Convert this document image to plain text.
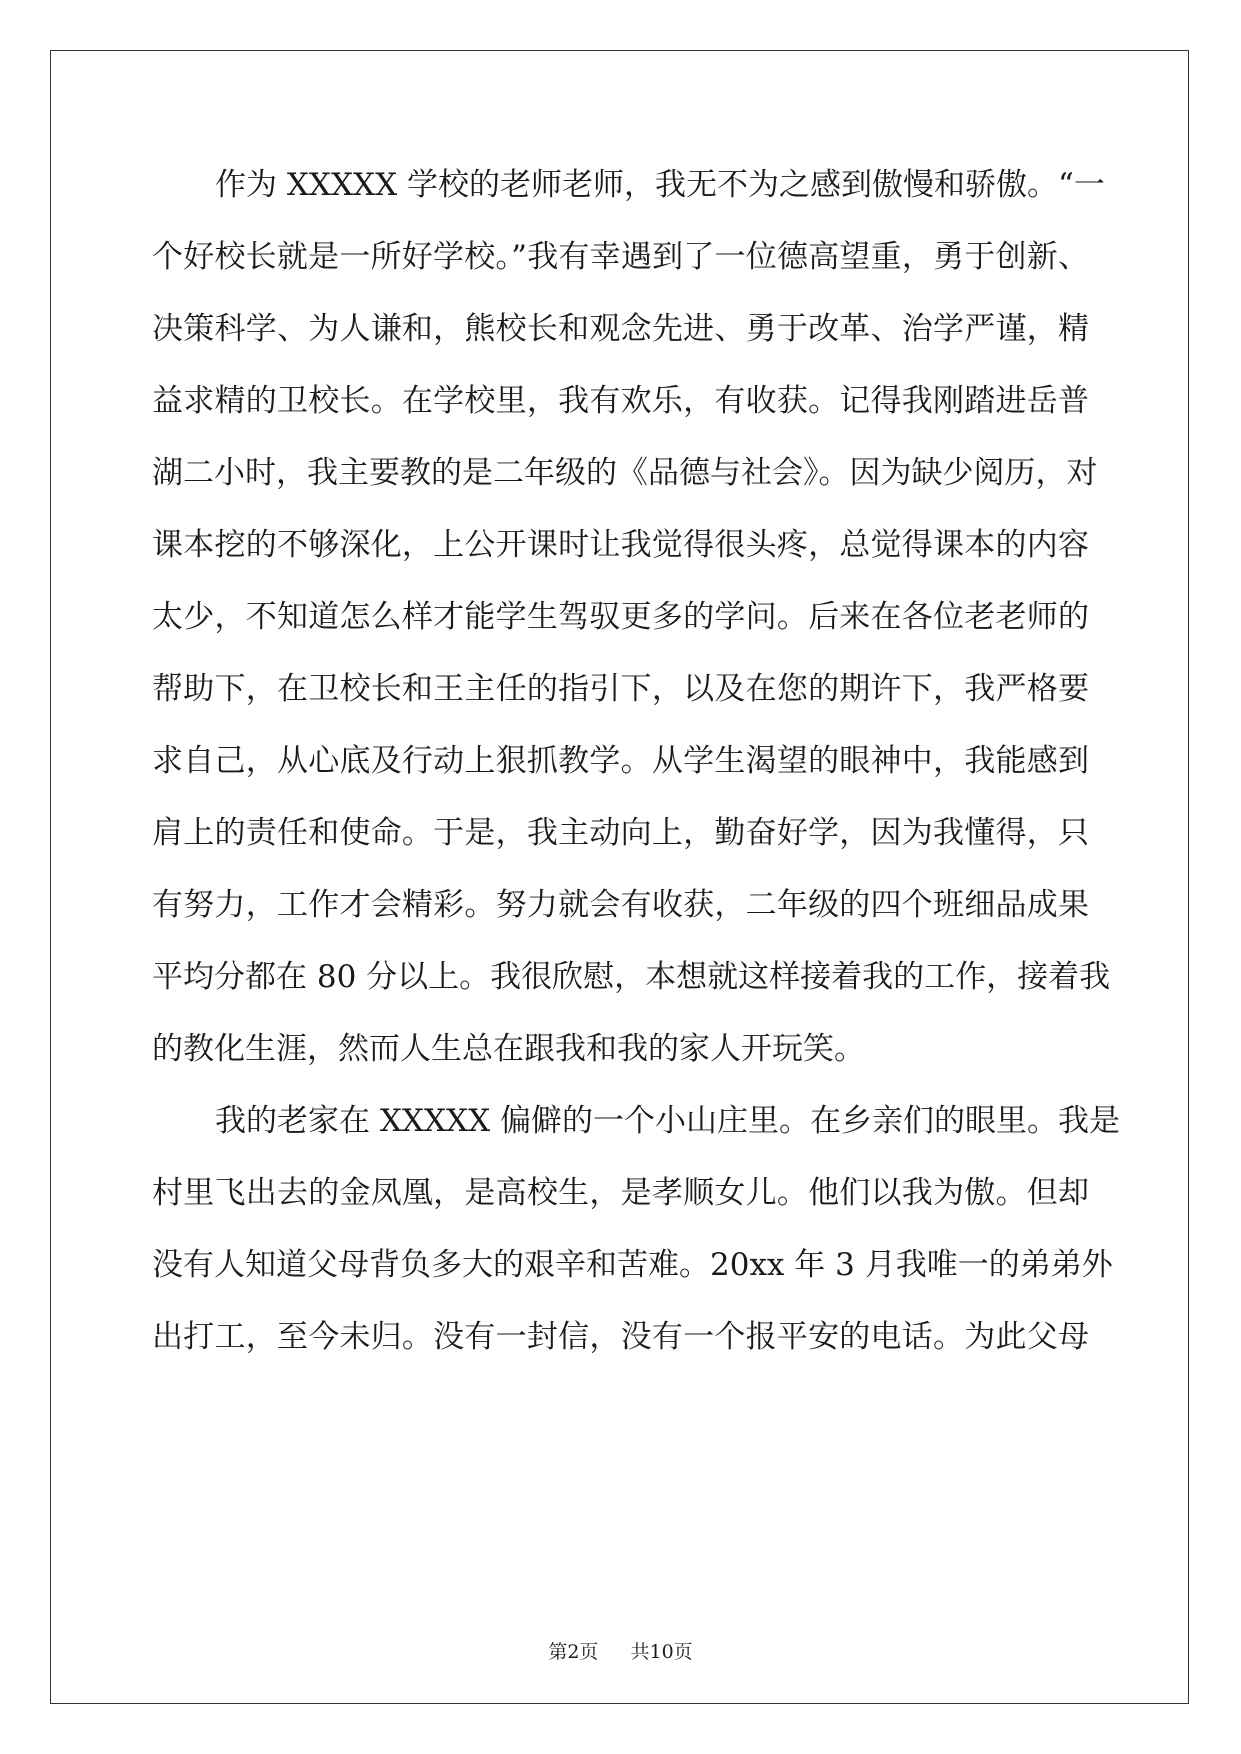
作为 XXXXX 学校的老师老师，我无不为之感到傲慢和骄傲。“一
个好校长就是一所好学校。”我有幸遇到了一位德高望重，勇于创新、
决策科学、为人谦和，熊校长和观念先进、勇于改革、治学严谨，精
益求精的卫校长。在学校里，我有欢乐，有收获。记得我刚踏进岳普
湖二小时，我主要教的是二年级的《品德与社会》。因为缺少阅历，对
课本挖的不够深化，上公开课时让我觉得很头疼，总觉得课本的内容
太少，不知道怎么样才能学生驾驭更多的学问。后来在各位老老师的
帮助下，在卫校长和王主任的指引下，以及在您的期许下，我严格要
求自己，从心底及行动上狠抓教学。从学生渴望的眼神中，我能感到
肩上的责任和使命。于是，我主动向上，勤奋好学，因为我懂得，只
有努力，工作才会精彩。努力就会有收获，二年级的四个班细品成果
平均分都在 80 分以上。我很欣慰，本想就这样接着我的工作，接着我
的教化生涯，然而人生总在跟我和我的家人开玩笑。
我的老家在 XXXXX 偏僻的一个小山庄里。在乡亲们的眼里。我是
村里飞出去的金凤凰，是高校生，是孝顺女儿。他们以我为傲。但却
没有人知道父母背负多大的艰辛和苦难。20xx 年 3 月我唯一的弟弟外
出打工，至今未归。没有一封信，没有一个报平安的电话。为此父母
第2页 共10页
